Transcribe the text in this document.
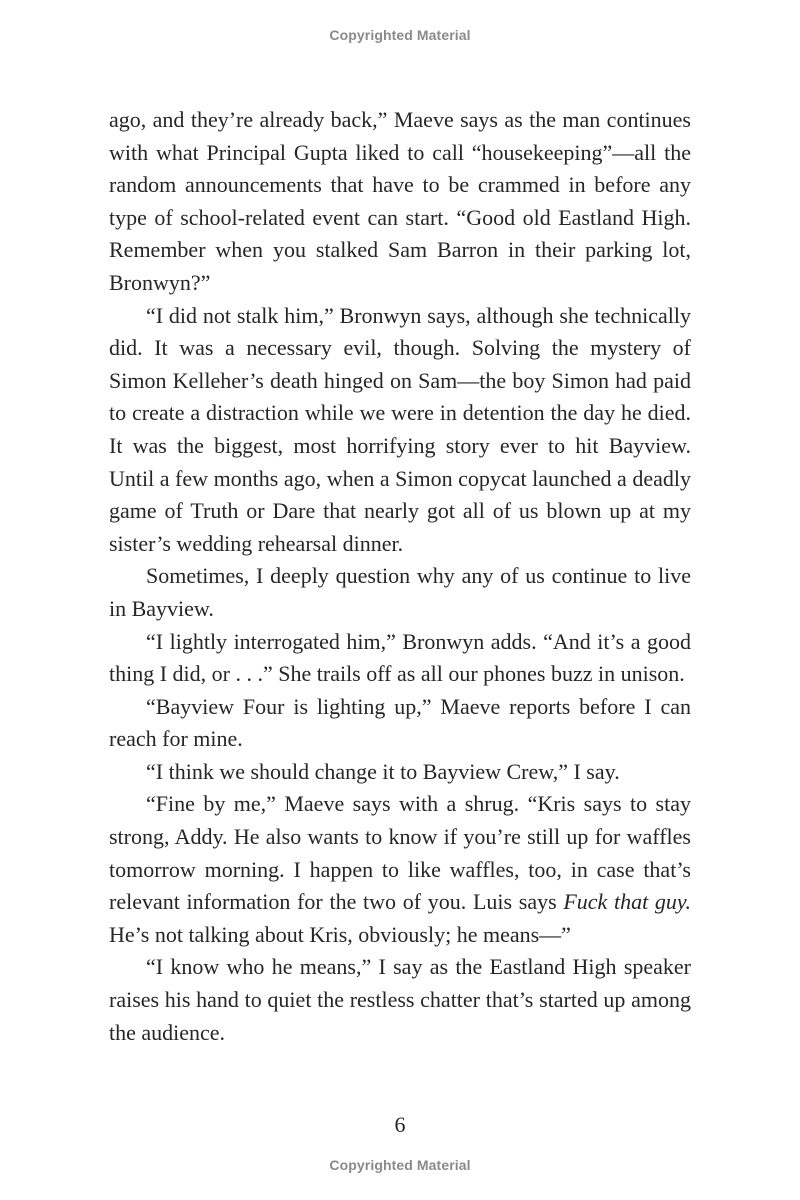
Copyrighted Material

ago, and they’re already back,” Maeve says as the man continues with what Principal Gupta liked to call “housekeeping”—all the random announcements that have to be crammed in before any type of school-related event can start. “Good old Eastland High. Remember when you stalked Sam Barron in their parking lot, Bronwyn?”

“I did not stalk him,” Bronwyn says, although she technically did. It was a necessary evil, though. Solving the mystery of Simon Kelleher’s death hinged on Sam—the boy Simon had paid to create a distraction while we were in detention the day he died. It was the biggest, most horrifying story ever to hit Bayview. Until a few months ago, when a Simon copycat launched a deadly game of Truth or Dare that nearly got all of us blown up at my sister’s wedding rehearsal dinner.

Sometimes, I deeply question why any of us continue to live in Bayview.

“I lightly interrogated him,” Bronwyn adds. “And it’s a good thing I did, or . . .” She trails off as all our phones buzz in unison.

“Bayview Four is lighting up,” Maeve reports before I can reach for mine.

“I think we should change it to Bayview Crew,” I say.

“Fine by me,” Maeve says with a shrug. “Kris says to stay strong, Addy. He also wants to know if you’re still up for waffles tomorrow morning. I happen to like waffles, too, in case that’s relevant information for the two of you. Luis says Fuck that guy. He’s not talking about Kris, obviously; he means—”

“I know who he means,” I say as the Eastland High speaker raises his hand to quiet the restless chatter that’s started up among the audience.

6
Copyrighted Material
